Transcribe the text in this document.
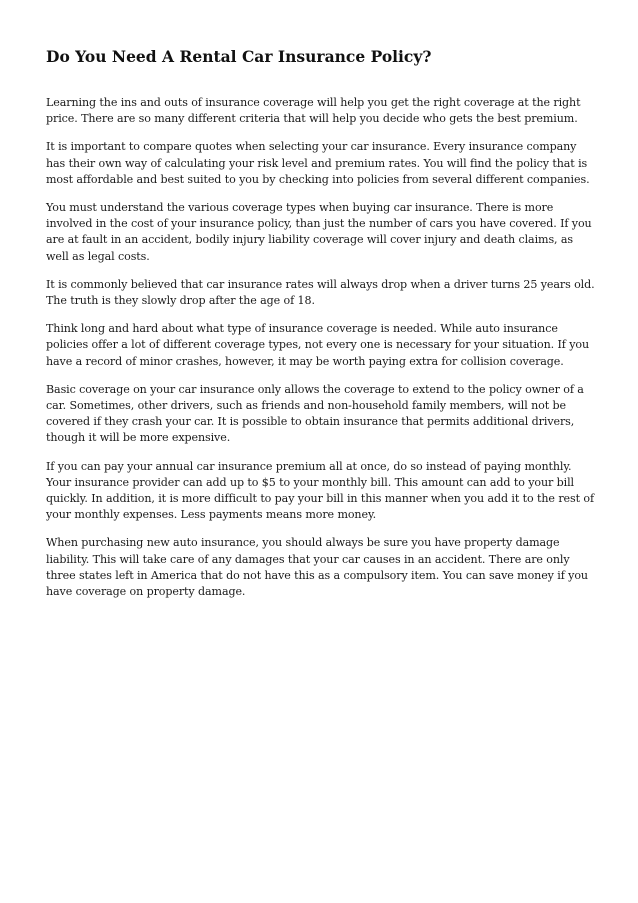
Do You Need A Rental Car Insurance Policy?

Learning the ins and outs of insurance coverage will help you get the right coverage at the right price. There are so many different criteria that will help you decide who gets the best premium.

It is important to compare quotes when selecting your car insurance. Every insurance company has their own way of calculating your risk level and premium rates. You will find the policy that is most affordable and best suited to you by checking into policies from several different companies.

You must understand the various coverage types when buying car insurance. There is more involved in the cost of your insurance policy, than just the number of cars you have covered. If you are at fault in an accident, bodily injury liability coverage will cover injury and death claims, as well as legal costs.

It is commonly believed that car insurance rates will always drop when a driver turns 25 years old. The truth is they slowly drop after the age of 18.

Think long and hard about what type of insurance coverage is needed. While auto insurance policies offer a lot of different coverage types, not every one is necessary for your situation. If you have a record of minor crashes, however, it may be worth paying extra for collision coverage.

Basic coverage on your car insurance only allows the coverage to extend to the policy owner of a car. Sometimes, other drivers, such as friends and non-household family members, will not be covered if they crash your car. It is possible to obtain insurance that permits additional drivers, though it will be more expensive.

If you can pay your annual car insurance premium all at once, do so instead of paying monthly. Your insurance provider can add up to $5 to your monthly bill. This amount can add to your bill quickly. In addition, it is more difficult to pay your bill in this manner when you add it to the rest of your monthly expenses. Less payments means more money.

When purchasing new auto insurance, you should always be sure you have property damage liability. This will take care of any damages that your car causes in an accident. There are only three states left in America that do not have this as a compulsory item. You can save money if you have coverage on property damage.
